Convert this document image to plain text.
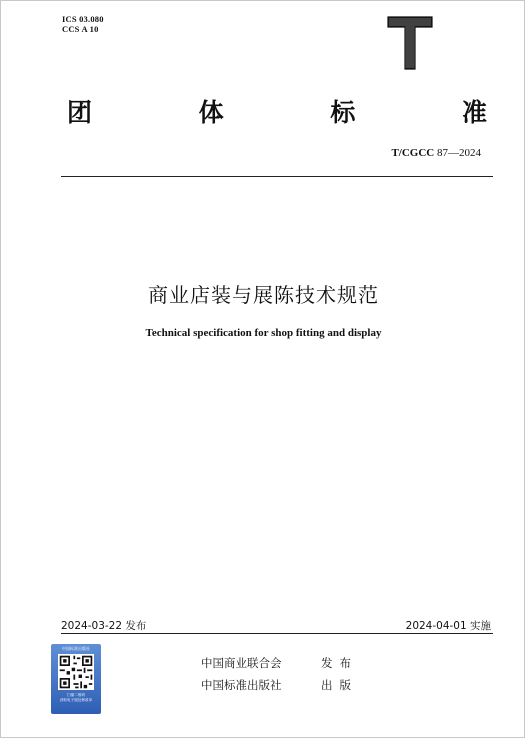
ICS 03.080
CCS A 10
团	体	标	准
T/CGCC 87—2024
商业店装与展陈技术规范
Technical specification for shop fitting and display
2024-03-22 发布	2024-04-01 实施
中国标准出版社
扫描二维码
获取电子版及修改单
中国商业联合会	发布
中国标准出版社	出版
